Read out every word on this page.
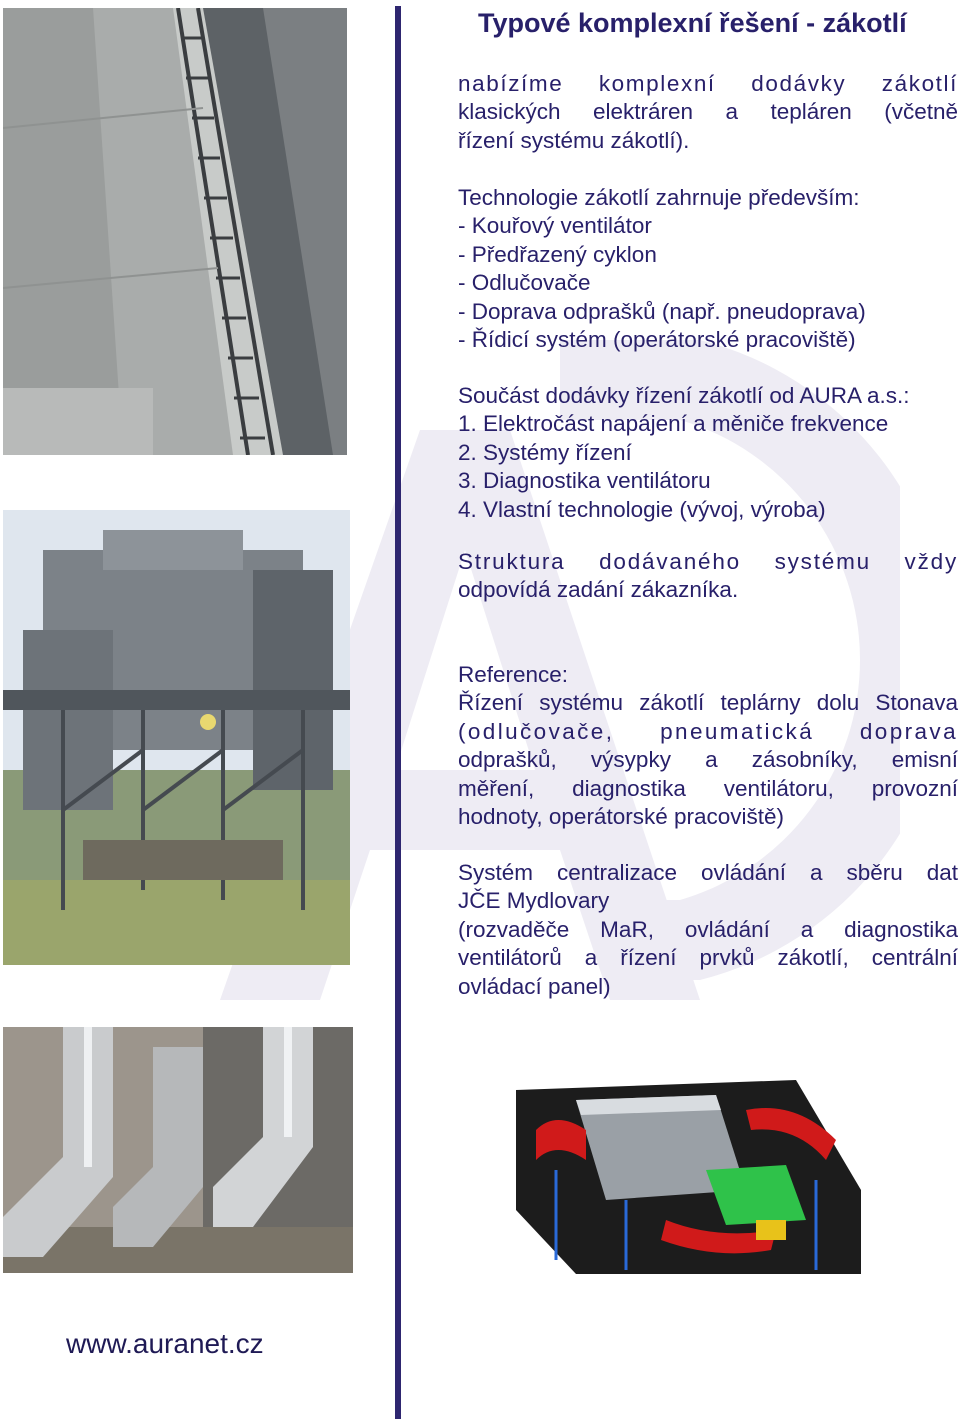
Typové komplexní řešení - zákotlí

nabízíme komplexní dodávky zákotlí

klasických elektráren a tepláren (včetně

řízení systému zákotlí).

Technologie zákotlí zahrnuje především:

- Kouřový ventilátor

- Předřazený cyklon

- Odlučovače

- Doprava odprašků (např. pneudoprava)

- Řídicí systém (operátorské pracoviště)

Součást dodávky řízení zákotlí od AURA a.s.:

1. Elektročást napájení a měniče frekvence

2. Systémy řízení

3. Diagnostika ventilátoru

4. Vlastní technologie (vývoj, výroba)

Struktura dodávaného systému vždy

odpovídá zadání zákazníka.

Reference:

Řízení systému zákotlí teplárny dolu Stonava

(odlučovače, pneumatická doprava

odprašků, výsypky a zásobníky, emisní

měření, diagnostika ventilátoru, provozní

hodnoty, operátorské pracoviště)

Systém centralizace ovládání a sběru dat

JČE Mydlovary

(rozvaděče MaR, ovládání a diagnostika

ventilátorů a řízení prvků zákotlí, centrální

ovládací panel)

www.auranet.cz
